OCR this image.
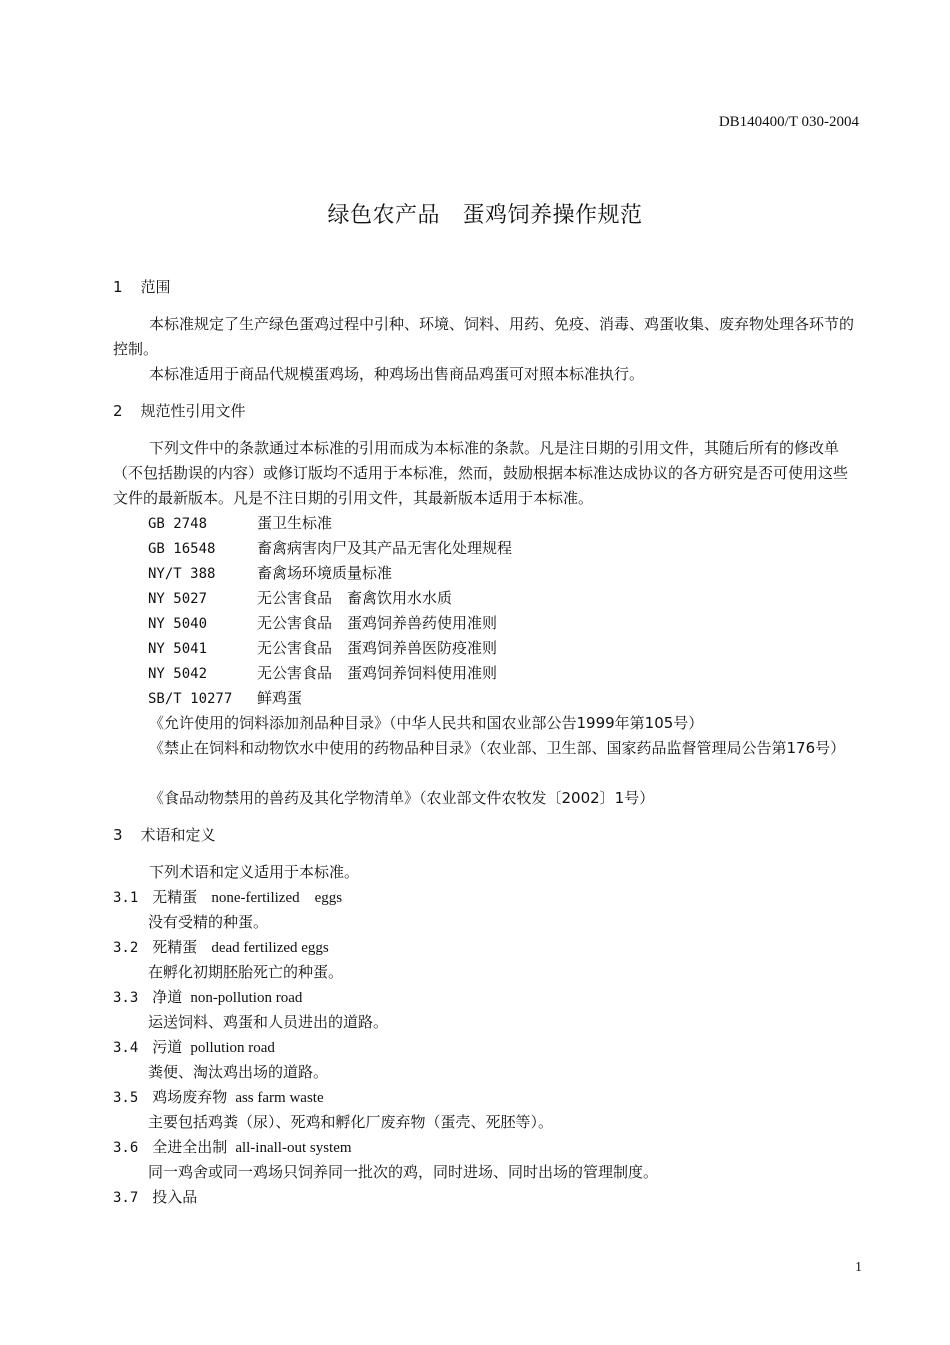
DB140400/T 030-2004
绿色农产品　蛋鸡饲养操作规范
1 范围
本标准规定了生产绿色蛋鸡过程中引种、环境、饲料、用药、免疫、消毒、鸡蛋收集、废弃物处理各环节的控制。
本标准适用于商品代规模蛋鸡场，种鸡场出售商品鸡蛋可对照本标准执行。
2 规范性引用文件
下列文件中的条款通过本标准的引用而成为本标准的条款。凡是注日期的引用文件，其随后所有的修改单（不包括勘误的内容）或修订版均不适用于本标准，然而，鼓励根据本标准达成协议的各方研究是否可使用这些文件的最新版本。凡是不注日期的引用文件，其最新版本适用于本标准。
GB 2748	蛋卫生标准
GB 16548	畜禽病害肉尸及其产品无害化处理规程
NY/T 388	畜禽场环境质量标准
NY 5027	无公害食品　畜禽饮用水水质
NY 5040	无公害食品　蛋鸡饲养兽药使用准则
NY 5041	无公害食品　蛋鸡饲养兽医防疫准则
NY 5042	无公害食品　蛋鸡饲养饲料使用准则
SB/T 10277 鲜鸡蛋
《允许使用的饲料添加剂品种目录》（中华人民共和国农业部公告1999年第105号）
《禁止在饲料和动物饮水中使用的药物品种目录》（农业部、卫生部、国家药品监督管理局公告第176号）
《食品动物禁用的兽药及其化学物清单》（农业部文件农牧发〔2002〕1号）
3 术语和定义
下列术语和定义适用于本标准。
3.1 无精蛋 none-fertilized　eggs
没有受精的种蛋。
3.2 死精蛋 dead fertilized eggs
在孵化初期胚胎死亡的种蛋。
3.3 净道 non-pollution road
运送饲料、鸡蛋和人员进出的道路。
3.4 污道 pollution road
粪便、淘汰鸡出场的道路。
3.5 鸡场废弃物 ass farm waste
主要包括鸡粪（尿）、死鸡和孵化厂废弃物（蛋壳、死胚等）。
3.6 全进全出制 all-inall-out system
同一鸡舍或同一鸡场只饲养同一批次的鸡，同时进场、同时出场的管理制度。
3.7 投入品
1
